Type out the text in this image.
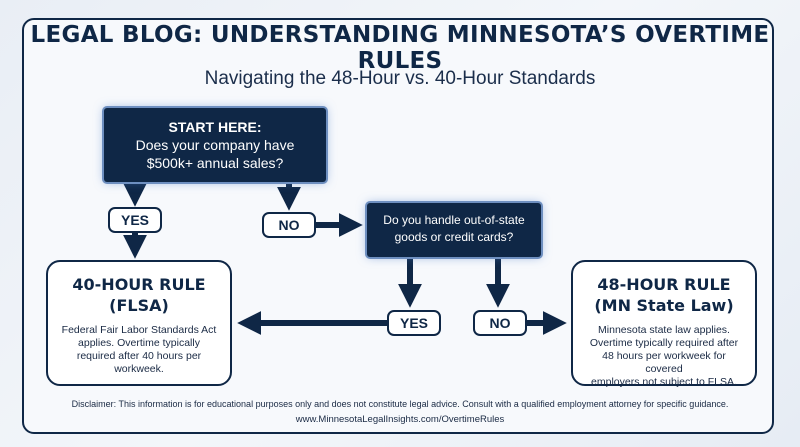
LEGAL BLOG: UNDERSTANDING MINNESOTA’S OVERTIME RULES
Navigating the 48-Hour vs. 40-Hour Standards
START HERE:
Does your company have
$500k+ annual sales?
YES	NO	Do you handle out-of-state
goods or credit cards?
YES	NO
40-HOUR RULE
(FLSA)
Federal Fair Labor Standards Act
applies. Overtime typically
required after 40 hours per
workweek.
48-HOUR RULE
(MN State Law)
Minnesota state law applies.
Overtime typically required after
48 hours per workweek for covered
employers not subject to FLSA.
Disclaimer: This information is for educational purposes only and does not constitute legal advice. Consult with a qualified employment attorney for specific guidance.
www.MinnesotaLegalInsights.com/OvertimeRules
